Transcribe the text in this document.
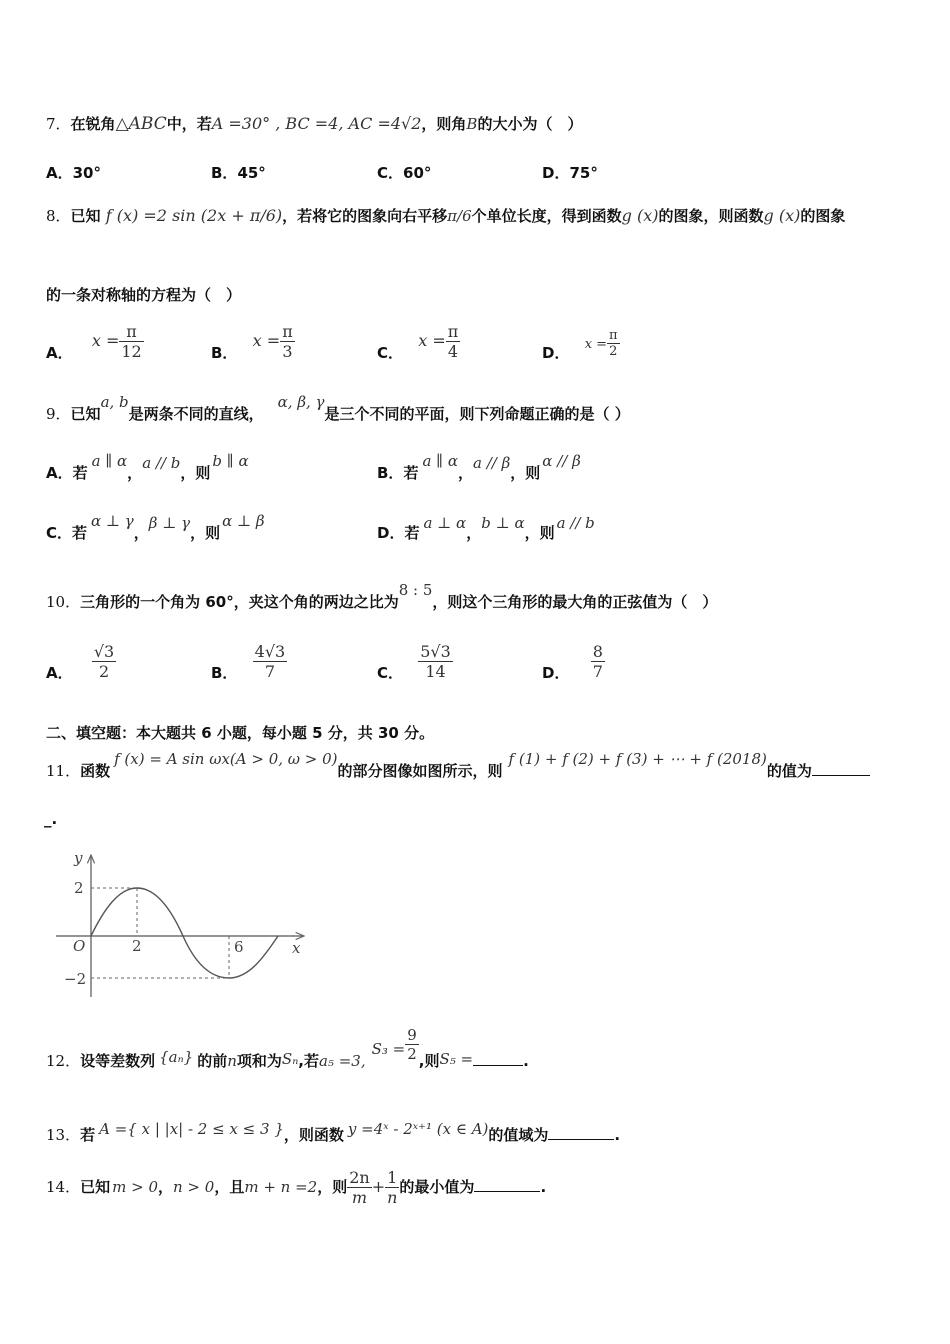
7．在锐角△ABC中，若A =30° , BC =4, AC =4√2，则角B的大小为（　）
A．30°	B．45°	C．60°	D．75°
8．已知 f (x) =2 sin (2x + π/6)，若将它的图象向右平移π/6个单位长度，得到函数g (x)的图象，则函数g (x)的图象
的一条对称轴的方程为（　）
A． $x = \frac{\pi}{12}$	B． $x = \frac{\pi}{3}$	C． $x = \frac{\pi}{4}$	D． $x = \frac{\pi}{2}$
9．已知a, b是两条不同的直线，α, β, γ是三个不同的平面，则下列命题正确的是（ ）
A．若a ∥ α，a // b，则b ∥ α
B．若a ∥ α，a // β，则α // β
C．若α ⊥ γ，β ⊥ γ，则α ⊥ β
D．若a ⊥ α，b ⊥ α，则a // b
10．三角形的一个角为 60°，夹这个角的两边之比为8 : 5，则这个三角形的最大角的正弦值为（　）
A． $\frac{√3}{2}$	B． $\frac{4√3}{7}$	C． $\frac{5√3}{14}$	D． $\frac{8}{7}$
二、填空题：本大题共 6 小题，每小题 5 分，共 30 分。
11．函数f (x) = A sin ωx(A > 0, ω > 0)的部分图像如图所示，则f (1) + f (2) + f (3) + ⋯ + f (2018)的值为
_.
y
x
O	2	6
2
−2
12．设等差数列 {aₙ} 的前n项和为Sₙ,若$a_5 =3,S_3 = \frac{9}{2}$ ,则S₅ =	.
13．若 A ={ x | |x| - 2 ≤ x ≤ 3 }，则函数 y =4ˣ - 2ˣ⁺¹ (x ∈ A)的值域为	.
14．已知 m > 0，n > 0，且m + n =2，则 $\frac{2n}{m} + \frac{1}{n}$ 的最小值为	.
